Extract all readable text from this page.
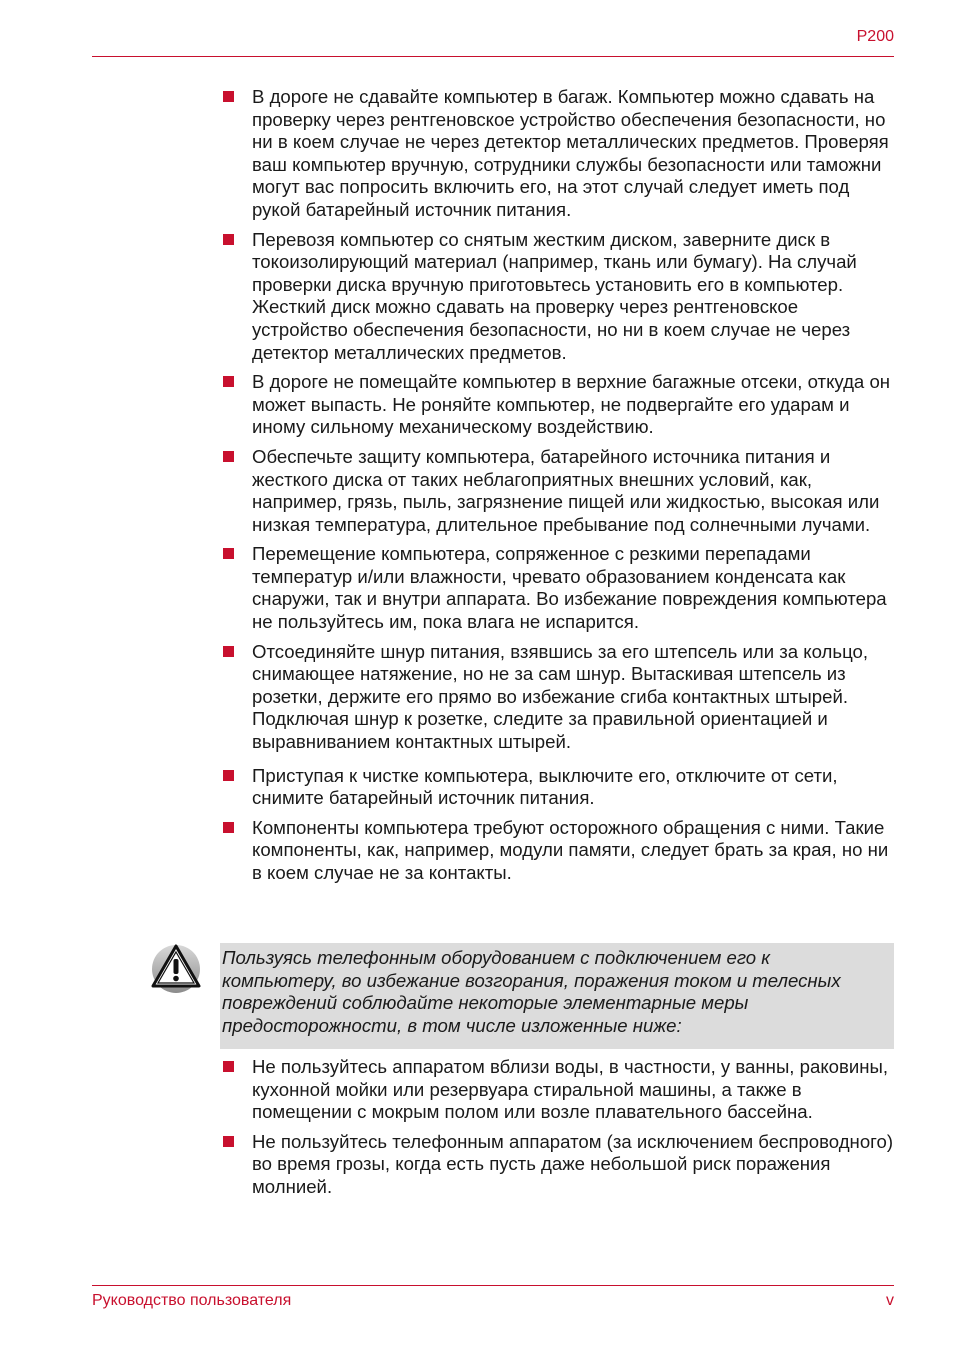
P200
В дороге не сдавайте компьютер в багаж. Компьютер можно сдавать на проверку через рентгеновское устройство обеспечения безопасности, но ни в коем случае не через детектор металлических предметов. Проверяя ваш компьютер вручную, сотрудники службы безопасности или таможни могут вас попросить включить его, на этот случай следует иметь под рукой батарейный источник питания.
Перевозя компьютер со снятым жестким диском, заверните диск в токоизолирующий материал (например, ткань или бумагу). На случай проверки диска вручную приготовьтесь установить его в компьютер. Жесткий диск можно сдавать на проверку через рентгеновское устройство обеспечения безопасности, но ни в коем случае не через детектор металлических предметов.
В дороге не помещайте компьютер в верхние багажные отсеки, откуда он может выпасть. Не роняйте компьютер, не подвергайте его ударам и иному сильному механическому воздействию.
Обеспечьте защиту компьютера, батарейного источника питания и жесткого диска от таких неблагоприятных внешних условий, как, например, грязь, пыль, загрязнение пищей или жидкостью, высокая или низкая температура, длительное пребывание под солнечными лучами.
Перемещение компьютера, сопряженное с резкими перепадами температур и/или влажности, чревато образованием конденсата как снаружи, так и внутри аппарата. Во избежание повреждения компьютера не пользуйтесь им, пока влага не испарится.
Отсоединяйте шнур питания, взявшись за его штепсель или за кольцо, снимающее натяжение, но не за сам шнур. Вытаскивая штепсель из розетки, держите его прямо во избежание сгиба контактных штырей. Подключая шнур к розетке, следите за правильной ориентацией и выравниванием контактных штырей.
Приступая к чистке компьютера, выключите его, отключите от сети, снимите батарейный источник питания.
Компоненты компьютера требуют осторожного обращения с ними. Такие компоненты, как, например, модули памяти, следует брать за края, но ни в коем случае не за контакты.
Пользуясь телефонным оборудованием с подключением его к компьютеру, во избежание возгорания, поражения током и телесных повреждений соблюдайте некоторые элементарные меры предосторожности, в том числе изложенные ниже:
Не пользуйтесь аппаратом вблизи воды, в частности, у ванны, раковины, кухонной мойки или резервуара стиральной машины, а также в помещении с мокрым полом или возле плавательного бассейна.
Не пользуйтесь телефонным аппаратом (за исключением беспроводного) во время грозы, когда есть пусть даже небольшой риск поражения молнией.
Руководство пользователя	v
